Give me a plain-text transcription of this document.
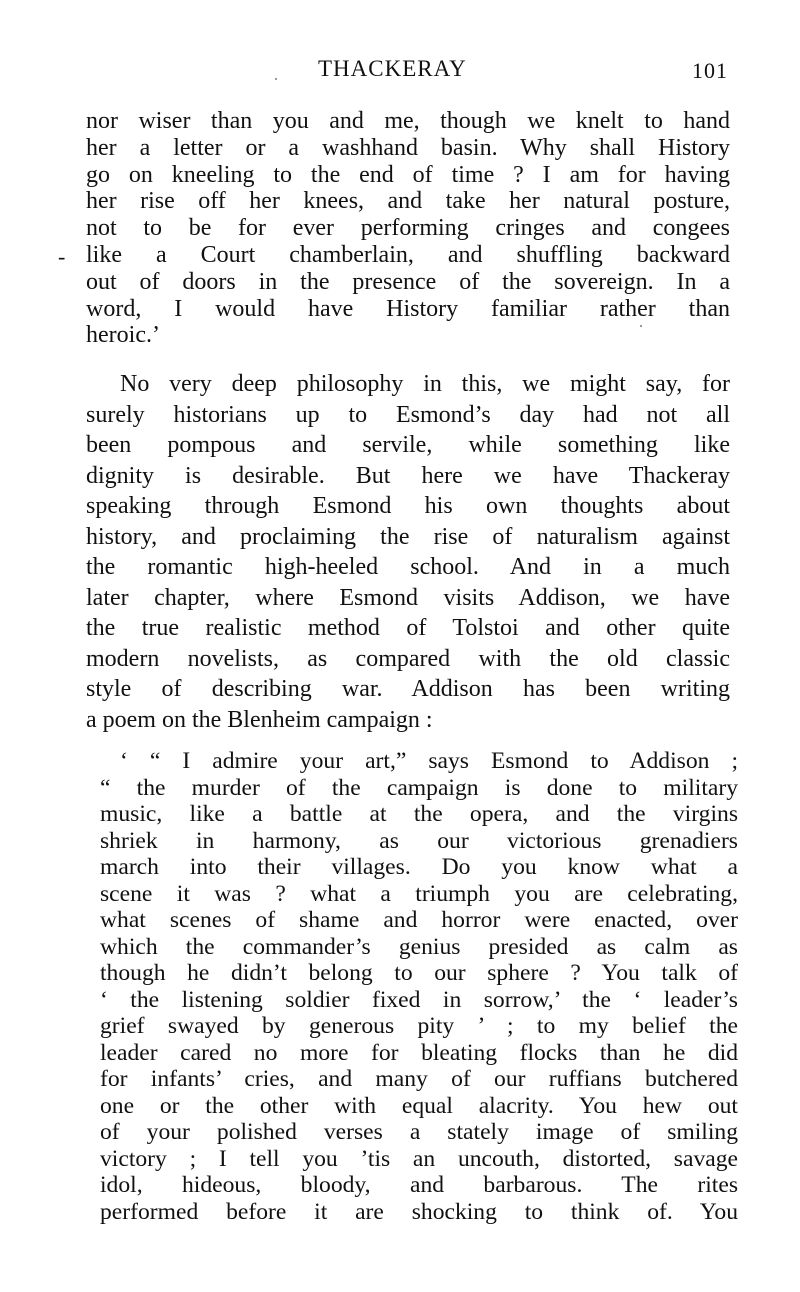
THACKERAY	101
-
nor wiser than you and me, though we knelt to hand
her a letter or a washhand basin. Why shall History
go on kneeling to the end of time ? I am for having
her rise off her knees, and take her natural posture,
not to be for ever performing cringes and congees
like a Court chamberlain, and shuffling backward
out of doors in the presence of the sovereign. In a
word, I would have History familiar rather than
heroic.’
No very deep philosophy in this, we might say, for
surely historians up to Esmond’s day had not all
been pompous and servile, while something like
dignity is desirable. But here we have Thackeray
speaking through Esmond his own thoughts about
history, and proclaiming the rise of naturalism against
the romantic high-heeled school. And in a much
later chapter, where Esmond visits Addison, we have
the true realistic method of Tolstoi and other quite
modern novelists, as compared with the old classic
style of describing war. Addison has been writing
a poem on the Blenheim campaign :
‘ “ I admire your art,” says Esmond to Addison ;
“ the murder of the campaign is done to military
music, like a battle at the opera, and the virgins
shriek in harmony, as our victorious grenadiers
march into their villages. Do you know what a
scene it was ? what a triumph you are celebrating,
what scenes of shame and horror were enacted, over
which the commander’s genius presided as calm as
though he didn’t belong to our sphere ? You talk of
‘ the listening soldier fixed in sorrow,’ the ‘ leader’s
grief swayed by generous pity ’ ; to my belief the
leader cared no more for bleating flocks than he did
for infants’ cries, and many of our ruffians butchered
one or the other with equal alacrity. You hew out
of your polished verses a stately image of smiling
victory ; I tell you ’tis an uncouth, distorted, savage
idol, hideous, bloody, and barbarous. The rites
performed before it are shocking to think of. You
